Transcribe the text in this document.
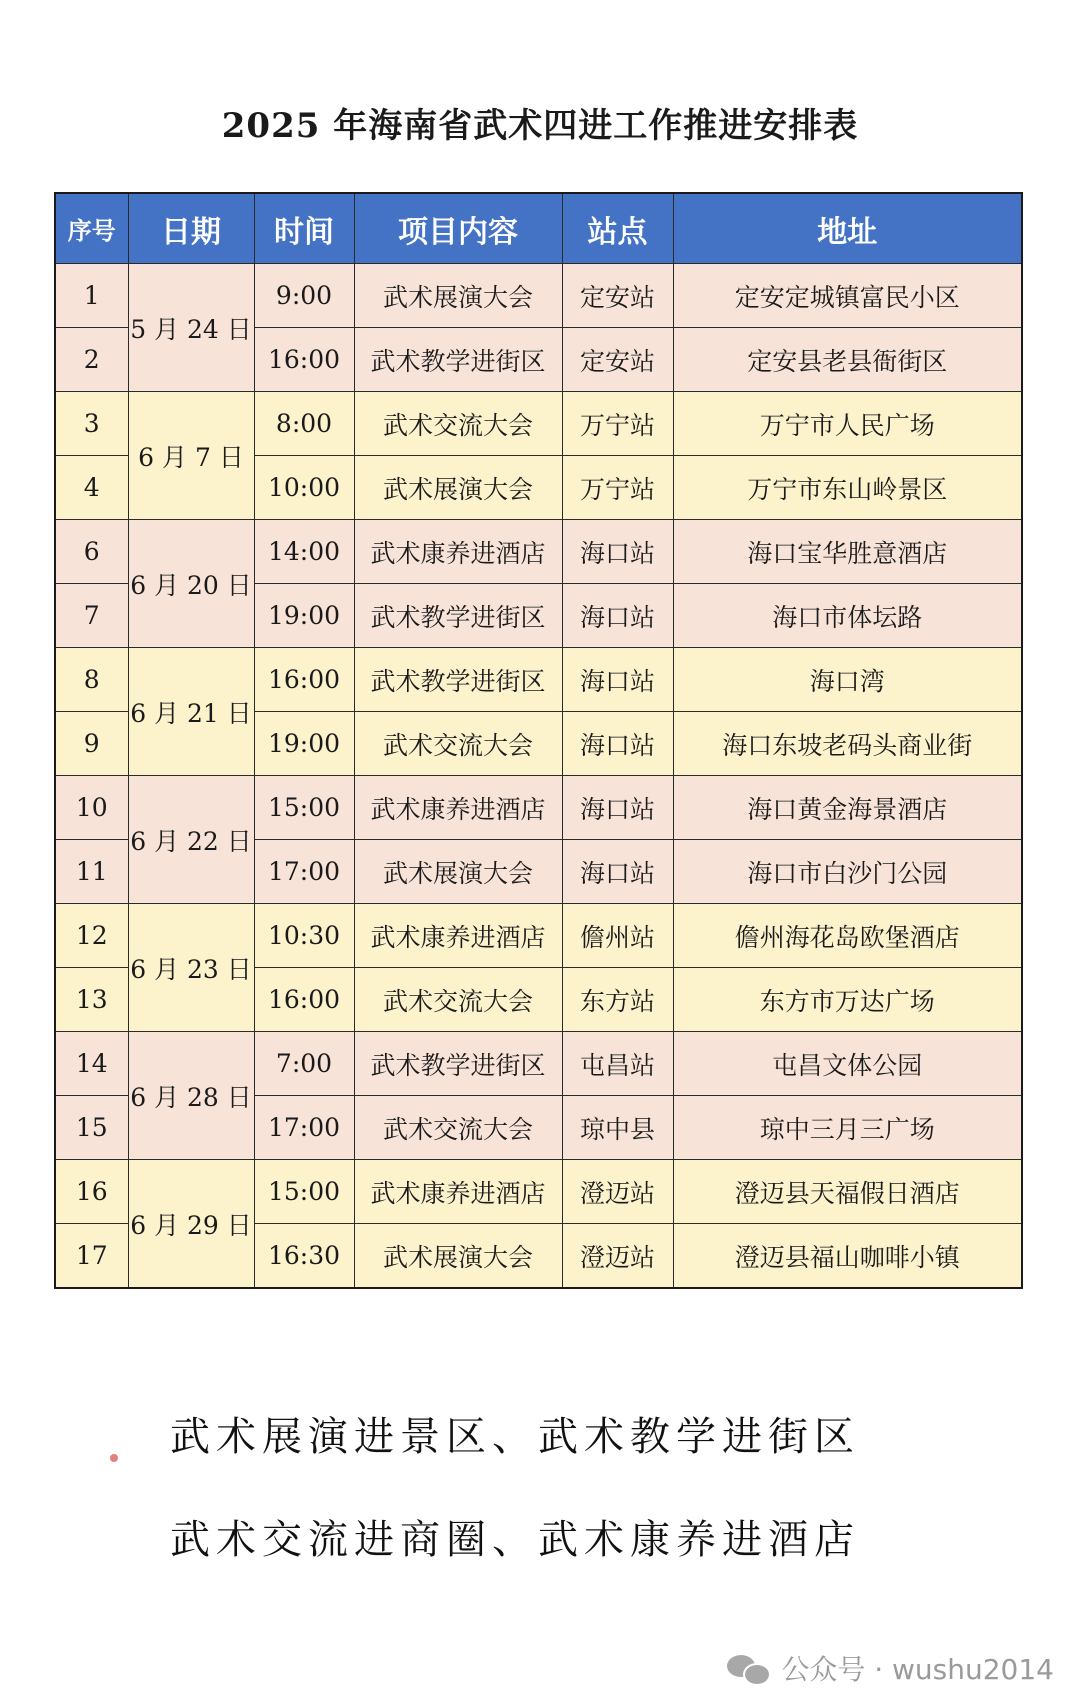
2025 年海南省武术四进工作推进安排表
序号	日期	时间	项目内容	站点	地址
1	5 月 24 日	9:00	武术展演大会	定安站	定安定城镇富民小区
2		16:00	武术教学进街区	定安站	定安县老县衙街区
3	6 月 7 日	8:00	武术交流大会	万宁站	万宁市人民广场
4		10:00	武术展演大会	万宁站	万宁市东山岭景区
6	6 月 20 日	14:00	武术康养进酒店	海口站	海口宝华胜意酒店
7		19:00	武术教学进街区	海口站	海口市体坛路
8	6 月 21 日	16:00	武术教学进街区	海口站	海口湾
9		19:00	武术交流大会	海口站	海口东坡老码头商业街
10	6 月 22 日	15:00	武术康养进酒店	海口站	海口黄金海景酒店
11		17:00	武术展演大会	海口站	海口市白沙门公园
12	6 月 23 日	10:30	武术康养进酒店	儋州站	儋州海花岛欧堡酒店
13		16:00	武术交流大会	东方站	东方市万达广场
14	6 月 28 日	7:00	武术教学进街区	屯昌站	屯昌文体公园
15		17:00	武术交流大会	琼中县	琼中三月三广场
16	6 月 29 日	15:00	武术康养进酒店	澄迈站	澄迈县天福假日酒店
17		16:30	武术展演大会	澄迈站	澄迈县福山咖啡小镇
武术展演进景区、武术教学进街区
武术交流进商圈、武术康养进酒店
公众号 · wushu2014
